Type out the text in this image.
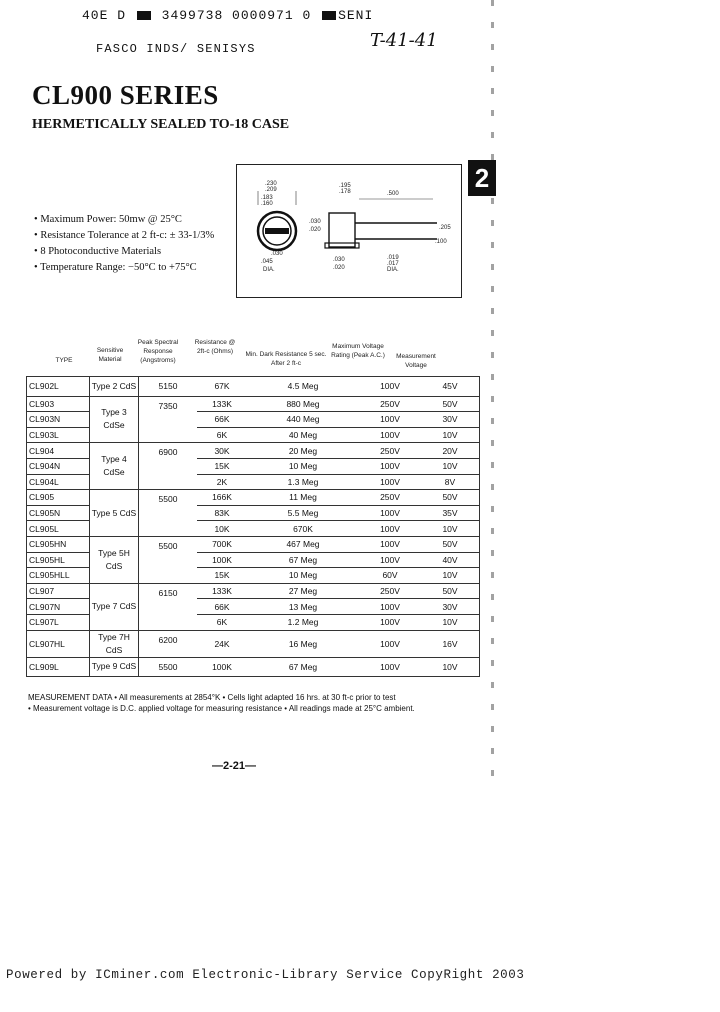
40E D	3499738 0000971 0 SENI
FASCO INDS/ SENISYS	T-41-41
CL900 SERIES
HERMETICALLY SEALED TO-18 CASE
2
.230
.209
.183
.160
.030
.045
DIA.
.195
.178
.030
.020
.500
.205
.100
.019
.017
DIA.
.030
.020
• Maximum Power: 50mw @ 25°C
• Resistance Tolerance at 2 ft-c: ± 33-1/3%
• 8 Photoconductive Materials
• Temperature Range: −50°C to +75°C
TYPE
Sensitive Material
Peak Spectral Response (Angstroms)
Resistance @ 2ft-c (Ohms)	Min. Dark Resistance 5 sec. After 2 ft-c
Maximum Voltage Rating (Peak A.C.)	Measurement Voltage
CL902L	Type 2 CdS	5150	67K	4.5 Meg	100V	45V
CL903	Type 3 CdSe	7350	133K	880 Meg	250V	50V
CL903N			66K	440 Meg	100V	30V
CL903L			6K	40 Meg	100V	10V
CL904	Type 4 CdSe	6900	30K	20 Meg	250V	20V
CL904N			15K	10 Meg	100V	10V
CL904L			2K	1.3 Meg	100V	8V
CL905	Type 5 CdS	5500	166K	11 Meg	250V	50V
CL905N			83K	5.5 Meg	100V	35V
CL905L			10K	670K	100V	10V
CL905HN	Type 5H CdS	5500	700K	467 Meg	100V	50V
CL905HL			100K	67 Meg	100V	40V
CL905HLL			15K	10 Meg	60V	10V
CL907	Type 7 CdS	6150	133K	27 Meg	250V	50V
CL907N			66K	13 Meg	100V	30V
CL907L			6K	1.2 Meg	100V	10V
CL907HL	Type 7H CdS	6200	24K	16 Meg	100V	16V
CL909L	Type 9 CdS	5500	100K	67 Meg	100V	10V
MEASUREMENT DATA • All measurements at 2854°K • Cells light adapted 16 hrs. at 30 ft-c prior to test
• Measurement voltage is D.C. applied voltage for measuring resistance • All readings made at 25°C ambient.
—2-21—
Powered by ICminer.com Electronic-Library Service CopyRight 2003
